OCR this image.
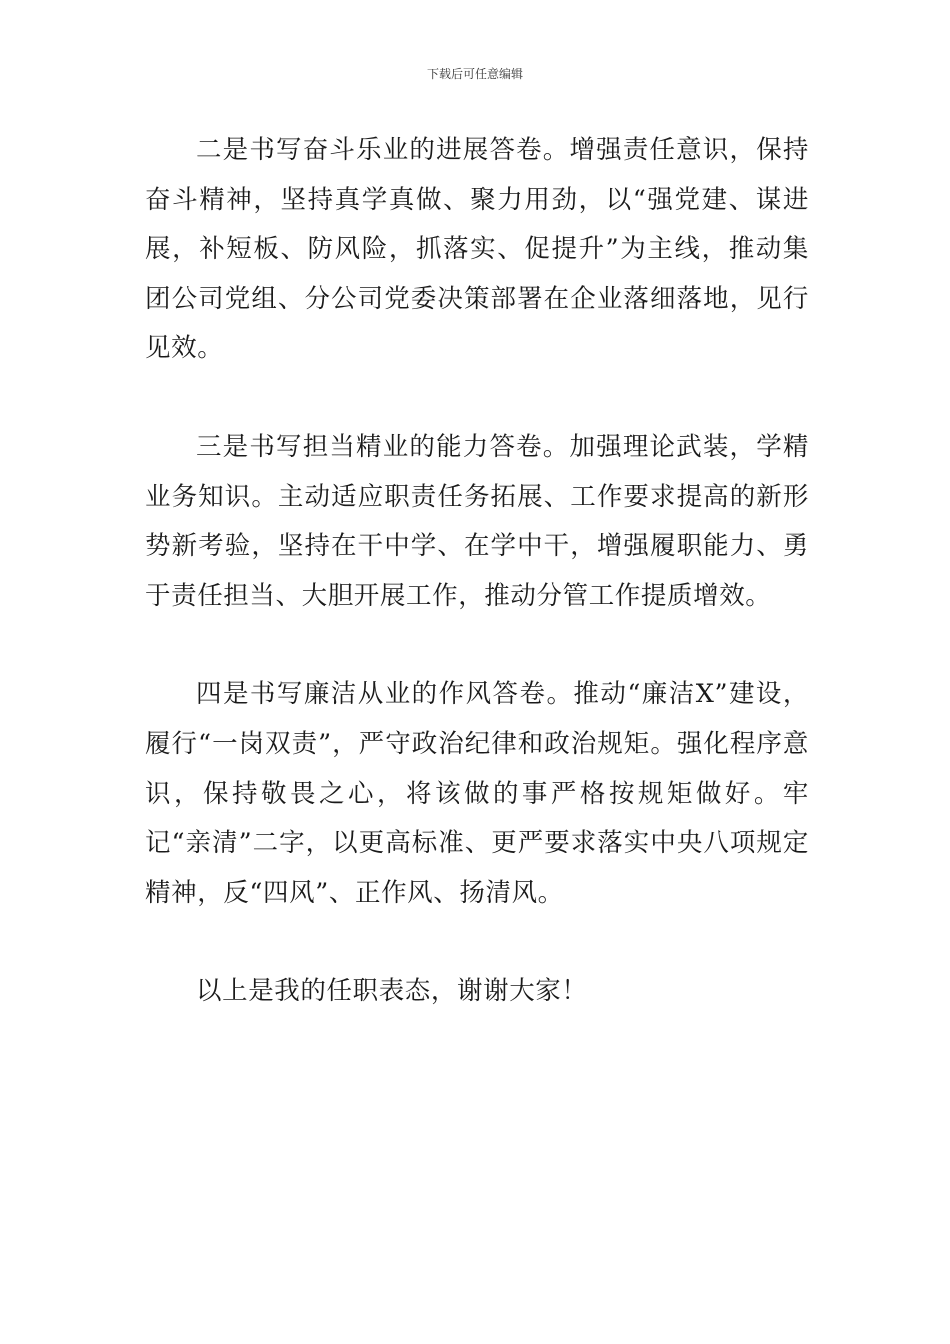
下载后可任意编辑

二是书写奋斗乐业的进展答卷。增强责任意识，保持奋斗精神，坚持真学真做、聚力用劲，以“强党建、谋进展，补短板、防风险，抓落实、促提升”为主线，推动集团公司党组、分公司党委决策部署在企业落细落地，见行见效。

三是书写担当精业的能力答卷。加强理论武装，学精业务知识。主动适应职责任务拓展、工作要求提高的新形势新考验，坚持在干中学、在学中干，增强履职能力、勇于责任担当、大胆开展工作，推动分管工作提质增效。

四是书写廉洁从业的作风答卷。推动“廉洁X”建设，履行“一岗双责”，严守政治纪律和政治规矩。强化程序意识，保持敬畏之心，将该做的事严格按规矩做好。牢记“亲清”二字，以更高标准、更严要求落实中央八项规定精神，反“四风”、正作风、扬清风。

以上是我的任职表态，谢谢大家！
